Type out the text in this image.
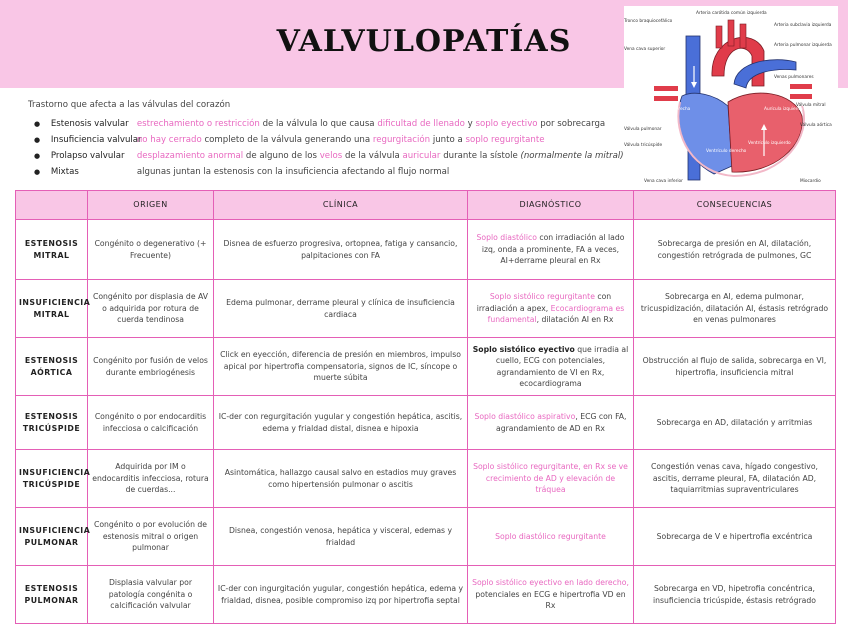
VALVULOPATÍAS
Arteria carótida común izquierda
Tronco braquiocefálico
Arteria subclavia izquierda
Aorta
Arteria pulmonar izquierda
Venas pulmonares
Vena cava superior
Aurícula derecha	Aurícula izquierda
Válvula pulmonar
Válvula mitral
Válvula aórtica
Válvula tricúspide
Ventrículo derecho
Ventrículo izquierdo
Vena cava inferior	Miocardio
Trastorno que afecta a las válvulas del corazón
● Estenosis valvular estrechamiento o restricción de la válvula lo que causa dificultad de llenado y soplo eyectivo por sobrecarga
● Insuficiencia valvularno hay cerrado completo de la válvula generando una regurgitación junto a soplo regurgitante
● Prolapso valvular desplazamiento anormal de alguno de los velos de la válvula auricular durante la sístole (normalmente la mitral)
● Mixtas	algunas juntan la estenosis con la insuficiencia afectando al flujo normal
	ORIGEN	CLÍNICA	DIAGNÓSTICO	CONSECUENCIAS
ESTENOSIS MITRAL	Congénito o degenerativo (+ Frecuente)	Disnea de esfuerzo progresiva, ortopnea, fatiga y cansancio, palpitaciones con FA	Soplo diastólico con irradiación al lado izq, onda a prominente, FA a veces, AI+derrame pleural en Rx	Sobrecarga de presión en AI, dilatación, congestión retrógrada de pulmones, GC
INSUFICIENCIA MITRAL	Congénito por displasia de AV o adquirida por rotura de cuerda tendinosa	Edema pulmonar, derrame pleural y clínica de insuficiencia cardiaca	Soplo sistólico regurgitante con irradiación a apex, Ecocardiograma es fundamental, dilatación AI en Rx	Sobrecarga en AI, edema pulmonar, tricuspidización, dilatación AI, éstasis retrógrado en venas pulmonares
ESTENOSIS AÓRTICA	Congénito por fusión de velos durante embriogénesis	Click en eyección, diferencia de presión en miembros, impulso apical por hipertrofia compensatoria, signos de IC, síncope o muerte súbita	Soplo sistólico eyectivo que irradia al cuello, ECG con potenciales, agrandamiento de VI en Rx, ecocardiograma	Obstrucción al flujo de salida, sobrecarga en VI, hipertrofia, insuficiencia mitral
ESTENOSIS TRICÚSPIDE	Congénito o por endocarditis infecciosa o calcificación	IC-der con regurgitación yugular y congestión hepática, ascitis, edema y frialdad distal, disnea e hipoxia	Soplo diastólico aspirativo, ECG con FA, agrandamiento de AD en Rx	Sobrecarga en AD, dilatación y arritmias
INSUFICIENCIA TRICÚSPIDE	Adquirida por IM o endocarditis infecciosa, rotura de cuerdas...	Asintomática, hallazgo causal salvo en estadios muy graves como hipertensión pulmonar o ascitis	Soplo sistólico regurgitante, en Rx se ve crecimiento de AD y elevación de tráquea	Congestión venas cava, hígado congestivo, ascitis, derrame pleural, FA, dilatación AD, taquiarritmias supraventriculares
INSUFICIENCIA PULMONAR	Congénito o por evolución de estenosis mitral o origen pulmonar	Disnea, congestión venosa, hepática y visceral, edemas y frialdad	Soplo diastólico regurgitante	Sobrecarga de V e hipertrofia excéntrica
ESTENOSIS PULMONAR	Displasia valvular por patología congénita o calcificación valvular	IC-der con ingurgitación yugular, congestión hepática, edema y frialdad, disnea, posible compromiso izq por hipertrofia septal	Soplo sistólico eyectivo en lado derecho, potenciales en ECG e hipertrofia VD en Rx	Sobrecarga en VD, hipetrofia concéntrica, insuficiencia tricúspide, éstasis retrógrado
